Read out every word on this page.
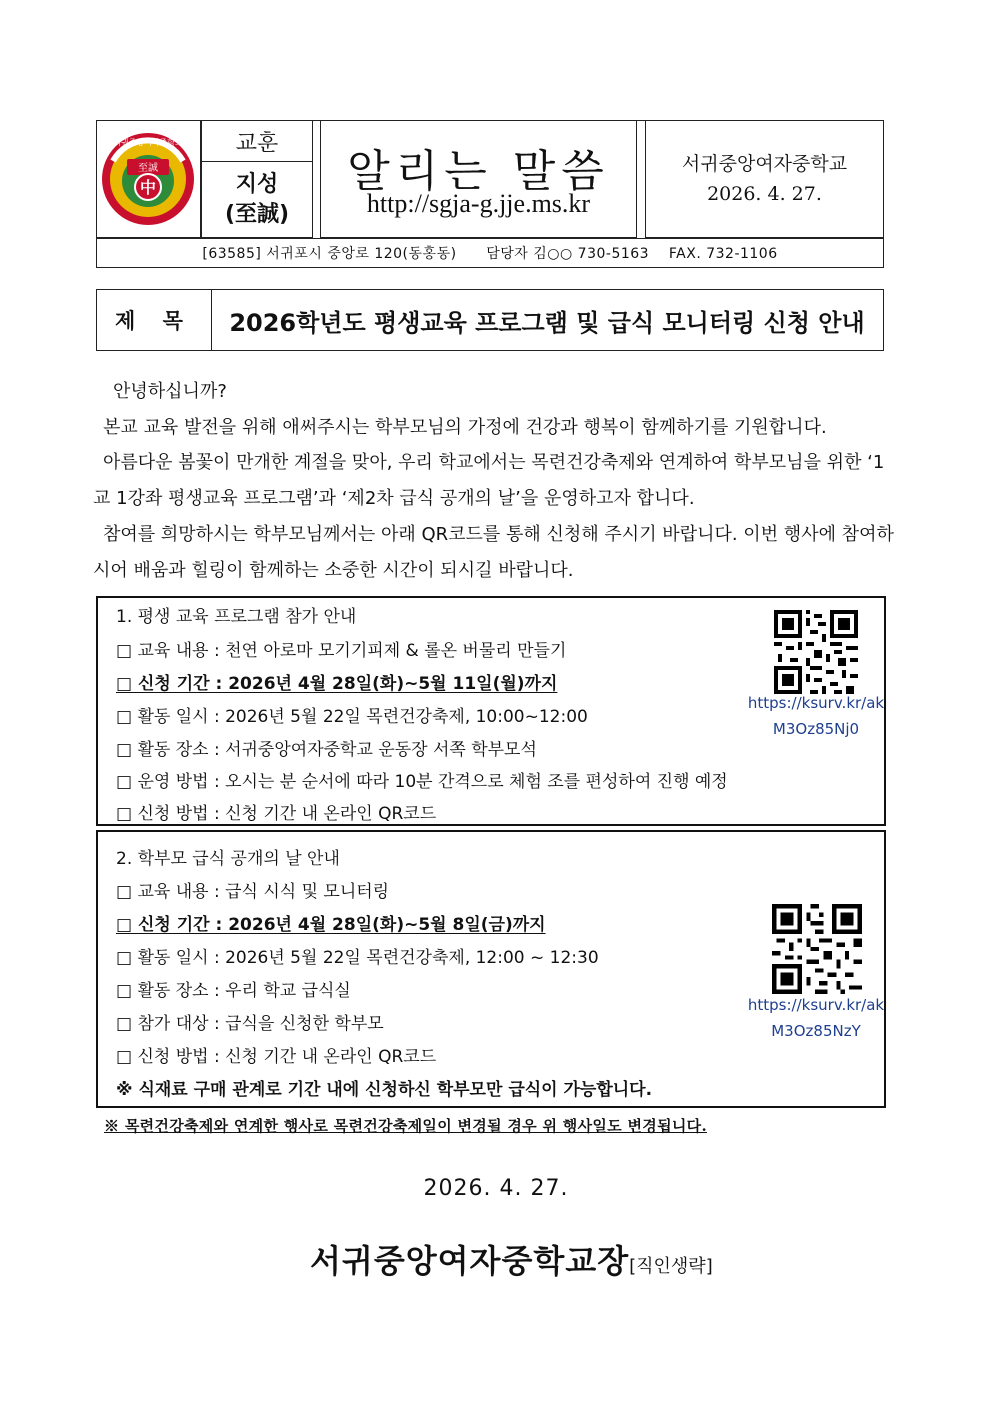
至誠
中
서귀중앙여자중학교	교훈
지성
(至誠)
알리는 말씀
http://sgja-g.jje.ms.kr
서귀중앙여자중학교
2026. 4. 27.
[63585] 서귀포시 중앙로 120(동홍동)      담당자 김○○ 730-5163    FAX. 732-1106
제 목	2026학년도 평생교육 프로그램 및 급식 모니터링 신청 안내
안녕하십니까?
본교 교육 발전을 위해 애써주시는 학부모님의 가정에 건강과 행복이 함께하기를 기원합니다.
아름다운 봄꽃이 만개한 계절을 맞아, 우리 학교에서는 목련건강축제와 연계하여 학부모님을 위한 ‘1교 1강좌 평생교육 프로그램’과 ‘제2차 급식 공개의 날’을 운영하고자 합니다.
참여를 희망하시는 학부모님께서는 아래 QR코드를 통해 신청해 주시기 바랍니다. 이번 행사에 참여하시어 배움과 힐링이 함께하는 소중한 시간이 되시길 바랍니다.
1. 평생 교육 프로그램 참가 안내
□ 교육 내용 : 천연 아로마 모기기피제 & 롤온 버물리 만들기
□ 신청 기간 : 2026년 4월 28일(화)~5월 11일(월)까지
□ 활동 일시 : 2026년 5월 22일 목련건강축제, 10:00~12:00
□ 활동 장소 : 서귀중앙여자중학교 운동장 서쪽 학부모석
□ 운영 방법 : 오시는 분 순서에 따라 10분 간격으로 체험 조를 편성하여 진행 예정
□ 신청 방법 : 신청 기간 내 온라인 QR코드
https://ksurv.kr/ak
M3Oz85Nj0
2. 학부모 급식 공개의 날 안내
□ 교육 내용 : 급식 시식 및 모니터링
□ 신청 기간 : 2026년 4월 28일(화)~5월 8일(금)까지
□ 활동 일시 : 2026년 5월 22일 목련건강축제, 12:00 ~ 12:30
□ 활동 장소 : 우리 학교 급식실
□ 참가 대상 : 급식을 신청한 학부모
□ 신청 방법 : 신청 기간 내 온라인 QR코드
※ 식재료 구매 관계로 기간 내에 신청하신 학부모만 급식이 가능합니다.
https://ksurv.kr/ak
M3Oz85NzY
※ 목련건강축제와 연계한 행사로 목련건강축제일이 변경될 경우 위 행사일도 변경됩니다.
2026. 4. 27.
서귀중앙여자중학교장[직인생략]
